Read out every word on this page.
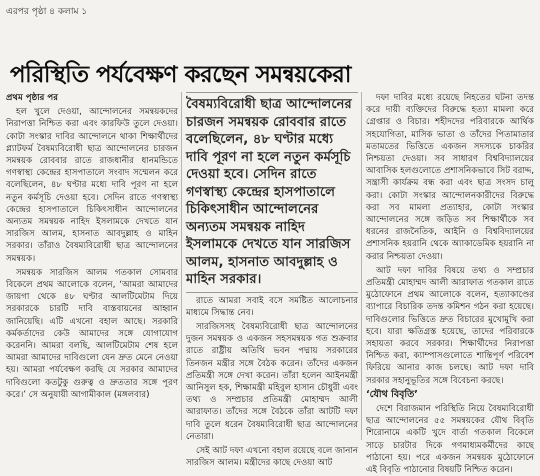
এরপর পৃষ্ঠা ৪ কলাম ১
পরিস্থিতি পর্যবেক্ষণ করছেন সমন্বয়কেরা

প্রথম পৃষ্ঠার পর

হল খুলে দেওয়া, আন্দোলনের সমন্বয়কদের নিরাপত্তা নিশ্চিত করা এবং কারফিউ তুলে দেওয়া। কোটা সংস্কার দাবির আন্দোলনে থাকা শিক্ষার্থীদের প্ল্যাটফর্ম বৈষম্যবিরোধী ছাত্র আন্দোলনের চারজন সমন্বয়ক রোববার রাতে রাজধানীর ধানমন্ডিতে গণস্বাস্থ্য কেন্দ্রের হাসপাতালে সংবাদ সম্মেলন করে বলেছিলেন, ৪৮ ঘণ্টার মধ্যে দাবি পূরণ না হলে নতুন কর্মসূচি দেওয়া হবে। সেদিন রাতে গণস্বাস্থ্য কেন্দ্রের হাসপাতালে চিকিৎসাধীন আন্দোলনের অন্যতম সমন্বয়ক নাহিদ ইসলামকে দেখতে যান সারজিস আলম, হাসনাত আবদুল্লাহ ও মাহিন সরকার। তাঁরাও বৈষম্যবিরোধী ছাত্র আন্দোলনের সমন্বয়ক।

সমন্বয়ক সারজিস আলম গতকাল সোমবার বিকেলে প্রথম আলোকে বলেন, ‘আমরা আমাদের জায়গা থেকে ৪৮ ঘণ্টার আলটিমেটাম দিয়ে সরকারকে চারটি দাবি বাস্তবায়নের আহ্বান জানিয়েছি। এটি এখনো বহাল আছে। সরকারি কর্মকর্তাদের কেউ আমাদের সঙ্গে যোগাযোগ করেননি। আমরা বলছি, আলটিমেটাম শেষ হলে আমরা আমাদের দাবিগুলো যেন দ্রুত মেনে নেওয়া হয়। আমরা পর্যবেক্ষণ করছি যে সরকার আমাদের দাবিগুলো কতটুকু গুরুত্ব ও দ্রুততার সঙ্গে পূরণ করে।’ সে অনুযায়ী আগামীকাল (মঙ্গলবার)

বৈষম্যবিরোধী ছাত্র আন্দোলনের চারজন সমন্বয়ক রোববার রাতে বলেছিলেন, ৪৮ ঘণ্টার মধ্যে দাবি পূরণ না হলে নতুন কর্মসূচি দেওয়া হবে। সেদিন রাতে গণস্বাস্থ্য কেন্দ্রের হাসপাতালে চিকিৎসাধীন আন্দোলনের অন্যতম সমন্বয়ক নাহিদ ইসলামকে দেখতে যান সারজিস আলম, হাসনাত আবদুল্লাহ ও মাহিন সরকার।

রাতে আমরা সবাই বসে সমষ্টিত আলোচনার মাধ্যমে সিদ্ধান্ত নেব।

সারজিসসহ বৈষম্যবিরোধী ছাত্র আন্দোলনের দুজন সমন্বয়ক ও একজন সহসমন্বয়ক গত শুক্রবার রাতে রাষ্ট্রীয় অতিথি ভবন পদ্মায় সরকারের তিনজন মন্ত্রীর সঙ্গে বৈঠক করেন। তাঁদের একজন প্রতিমন্ত্রী সঙ্গে দেখা করেন। তাঁরা হলেন আইনমন্ত্রী আনিসুল হক, শিক্ষামন্ত্রী মহিবুল হাসান চৌধুরী এবং তথ্য ও সম্প্রচার প্রতিমন্ত্রী মোহাম্মদ আলী আরাফাত। তাঁদের সঙ্গে বৈঠকে তাঁরা আটটি দফা দাবি তুলে ধরেন বৈষম্যবিরোধী ছাত্র আন্দোলনের নেতারা।

সেই আট দফা এখনো বহাল রয়েছে বলে জানান সারজিস আলম। মন্ত্রীদের কাছে দেওয়া আট

দফা দাবির মধ্যে রয়েছে নিহতের ঘটনা তদন্ত করে দায়ী ব্যক্তিদের বিরুদ্ধে হত্যা মামলা করে গ্রেপ্তার ও বিচার। শহীদদের পরিবারকে আর্থিক সহযোগিতা, মাসিক ভাতা ও তাঁদের পিতামাতার মতামতের ভিত্তিতে একজন সদস্যকে চাকরির নিশ্চয়তা দেওয়া। সব সাধারণ বিশ্ববিদ্যালয়ের আবাসিক হলগুলোতে প্রশাসনিকভাবে সিট বরাদ্দ, সন্ত্রাসী কার্যক্রম বন্ধ করা এবং ছাত্র সংসদ চালু করা। কোটা সংস্কার আন্দোলনকারীদের বিরুদ্ধে করা সব মামলা প্রত্যাহার, কোটা সংস্কার আন্দোলনের সঙ্গে জড়িত সব শিক্ষার্থীকে সব ধরনের রাজনৈতিক, আইনি ও বিশ্ববিদ্যালয়ের প্রশাসনিক হয়রানি থেকে অ্যাকাডেমিক হয়রানি না করার নিশ্চয়তা দেওয়া।

আট দফা দাবির বিষয়ে তথ্য ও সম্প্রচার প্রতিমন্ত্রী মোহাম্মদ আলী আরাফাত গতকাল রাতে মুঠোফোনে প্রথম আলোকে বলেন, হত্যাকাণ্ডের ব্যাপারে বিচারিক তদন্ত কমিশন গঠন করা হয়েছে। দাবিগুলোর ভিত্তিতে দ্রুত বিচারের মুখোমুখি করা হবে। যারা ক্ষতিগ্রস্ত হয়েছে, তাদের পরিবারকে সহায়তা করবে সরকার। শিক্ষার্থীদের নিরাপত্তা নিশ্চিত করা, ক্যাম্পাসগুলোতে শান্তিপূর্ণ পরিবেশ ফিরিয়ে আনার কাজ চলছে। আট দফা দাবি সরকার সহানুভূতির সঙ্গে বিবেচনা করছে।

‘যৌথ বিবৃতি’

দেশে বিরাজমান পরিস্থিতি নিয়ে বৈষম্যবিরোধী ছাত্র আন্দোলনের ৫৫ সমন্বয়কের যৌথ বিবৃতি শিরোনামে একটি খুদে বার্তা গতকাল বিকেলে সাড়ে চারটার দিকে গণমাধ্যমকর্মীদের কাছে পাঠানো হয়। পরে একজন সমন্বয়ক মুঠোফোনে এই বিবৃতি পাঠানোর বিষয়টি নিশ্চিত করেন।
